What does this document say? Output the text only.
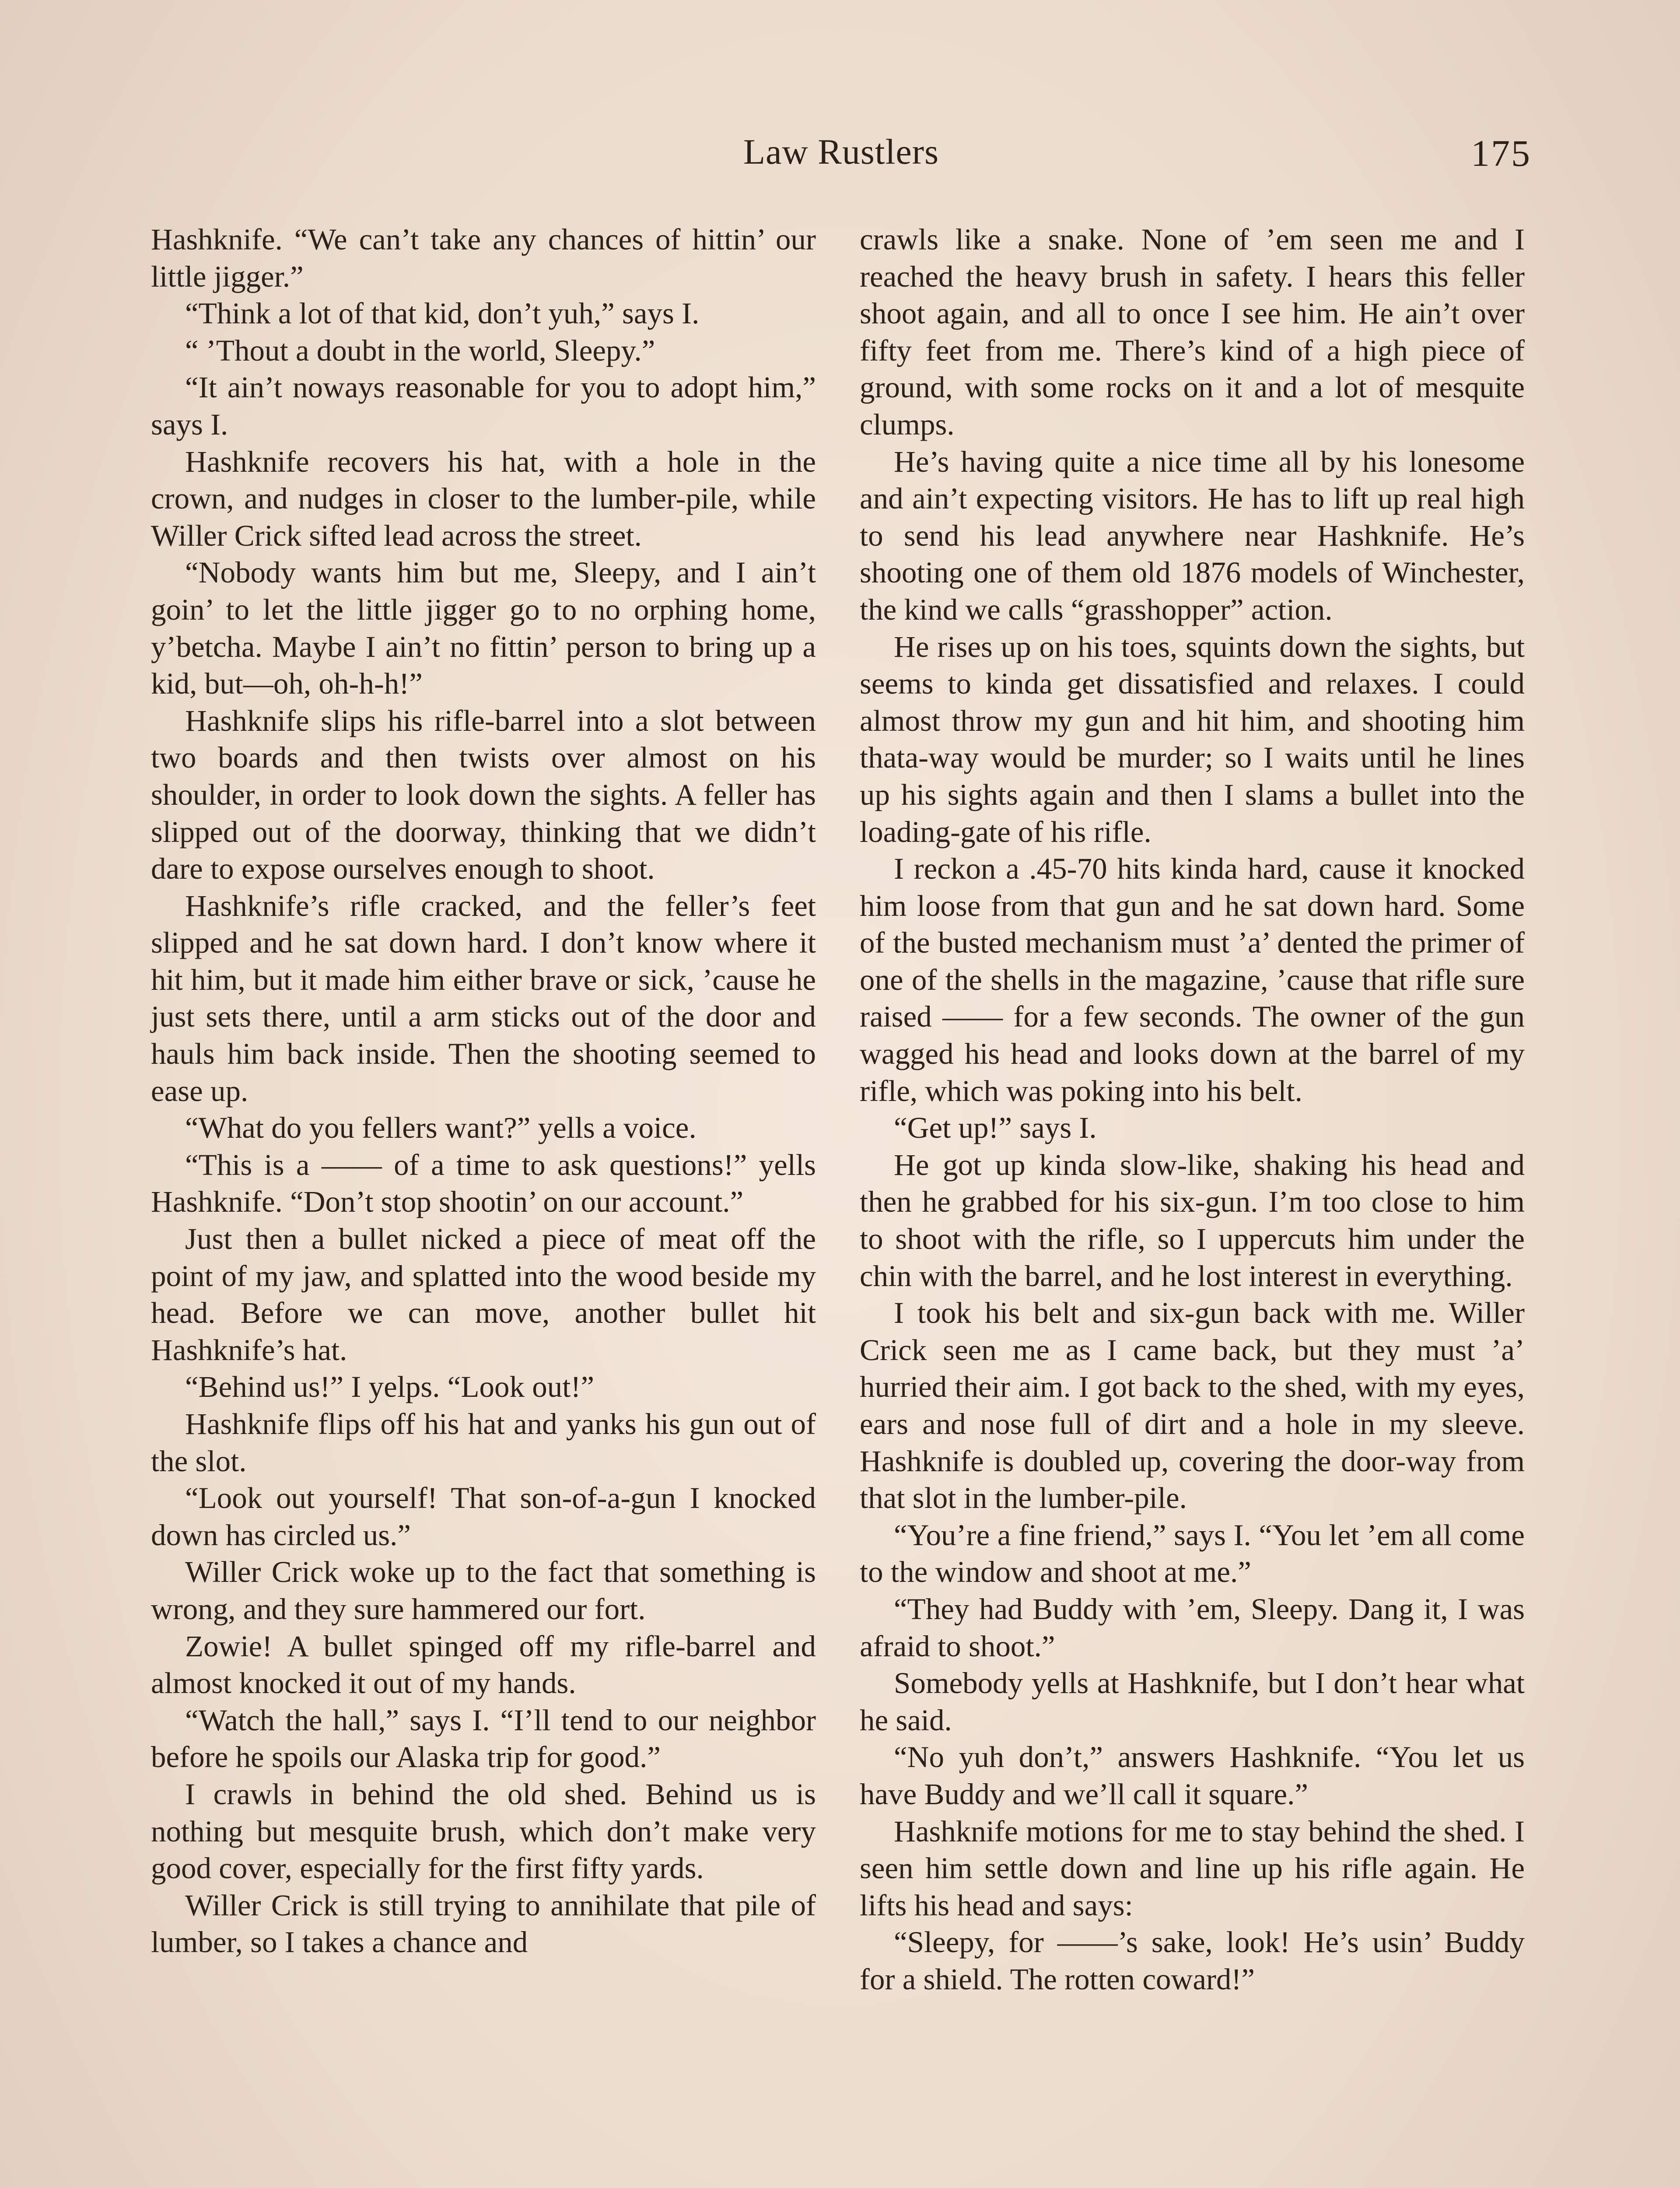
Law Rustlers	175

Hashknife. “We can’t take any chances of hittin’ our little jigger.”

“Think a lot of that kid, don’t yuh,” says I.

“ ’Thout a doubt in the world, Sleepy.”

“It ain’t noways reasonable for you to adopt him,” says I.

Hashknife recovers his hat, with a hole in the crown, and nudges in closer to the lumber-pile, while Willer Crick sifted lead across the street.

“Nobody wants him but me, Sleepy, and I ain’t goin’ to let the little jigger go to no orphing home, y’betcha. Maybe I ain’t no fittin’ person to bring up a kid, but—oh, oh-h-h!”

Hashknife slips his rifle-barrel into a slot between two boards and then twists over almost on his shoulder, in order to look down the sights. A feller has slipped out of the doorway, thinking that we didn’t dare to expose ourselves enough to shoot.

Hashknife’s rifle cracked, and the feller’s feet slipped and he sat down hard. I don’t know where it hit him, but it made him either brave or sick, ’cause he just sets there, until a arm sticks out of the door and hauls him back inside. Then the shooting seemed to ease up.

“What do you fellers want?” yells a voice.

“This is a —— of a time to ask questions!” yells Hashknife. “Don’t stop shootin’ on our account.”

Just then a bullet nicked a piece of meat off the point of my jaw, and splatted into the wood beside my head. Before we can move, another bullet hit Hashknife’s hat.

“Behind us!” I yelps. “Look out!”

Hashknife flips off his hat and yanks his gun out of the slot.

“Look out yourself! That son-of-a-gun I knocked down has circled us.”

Willer Crick woke up to the fact that something is wrong, and they sure hammered our fort.

Zowie! A bullet spinged off my rifle-barrel and almost knocked it out of my hands.

“Watch the hall,” says I. “I’ll tend to our neighbor before he spoils our Alaska trip for good.”

I crawls in behind the old shed. Behind us is nothing but mesquite brush, which don’t make very good cover, especially for the first fifty yards.

Willer Crick is still trying to annihilate that pile of lumber, so I takes a chance and

crawls like a snake. None of ’em seen me and I reached the heavy brush in safety. I hears this feller shoot again, and all to once I see him. He ain’t over fifty feet from me. There’s kind of a high piece of ground, with some rocks on it and a lot of mesquite clumps.

He’s having quite a nice time all by his lonesome and ain’t expecting visitors. He has to lift up real high to send his lead anywhere near Hashknife. He’s shooting one of them old 1876 models of Winchester, the kind we calls “grasshopper” action.

He rises up on his toes, squints down the sights, but seems to kinda get dissatisfied and relaxes. I could almost throw my gun and hit him, and shooting him thata-way would be murder; so I waits until he lines up his sights again and then I slams a bullet into the loading-gate of his rifle.

I reckon a .45-70 hits kinda hard, cause it knocked him loose from that gun and he sat down hard. Some of the busted mechanism must ’a’ dented the primer of one of the shells in the magazine, ’cause that rifle sure raised —— for a few seconds. The owner of the gun wagged his head and looks down at the barrel of my rifle, which was poking into his belt.

“Get up!” says I.

He got up kinda slow-like, shaking his head and then he grabbed for his six-gun. I’m too close to him to shoot with the rifle, so I uppercuts him under the chin with the barrel, and he lost interest in everything.

I took his belt and six-gun back with me. Willer Crick seen me as I came back, but they must ’a’ hurried their aim. I got back to the shed, with my eyes, ears and nose full of dirt and a hole in my sleeve. Hashknife is doubled up, covering the door-way from that slot in the lumber-pile.

“You’re a fine friend,” says I. “You let ’em all come to the window and shoot at me.”

“They had Buddy with ’em, Sleepy. Dang it, I was afraid to shoot.”

Somebody yells at Hashknife, but I don’t hear what he said.

“No yuh don’t,” answers Hashknife. “You let us have Buddy and we’ll call it square.”

Hashknife motions for me to stay behind the shed. I seen him settle down and line up his rifle again. He lifts his head and says:

“Sleepy, for ——’s sake, look! He’s usin’ Buddy for a shield. The rotten coward!”
